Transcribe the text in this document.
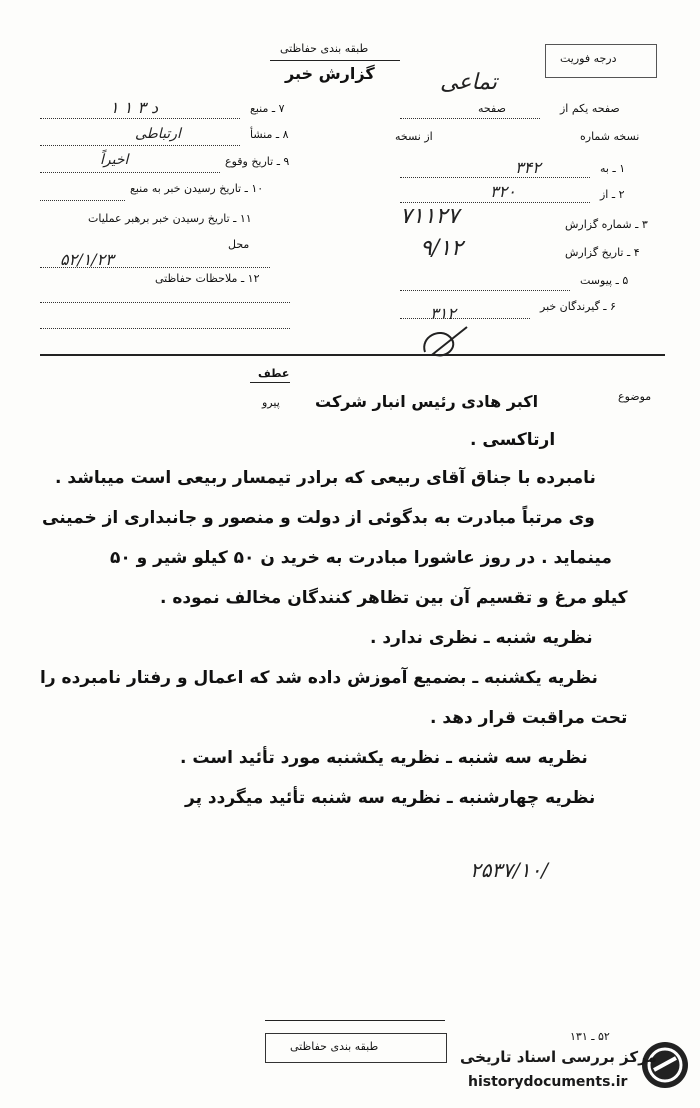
طبقه بندی حفاظتی
گزارش خبر
درجه فوریت
تماعی
۷ ـ منبع
۱ ۱ د ۳
۸ ـ منشأ
ارتباطی
۹ ـ تاریخ وقوع
اخیراً
۱۰ ـ تاریخ رسیدن خبر به منبع
۱۱ ـ تاریخ رسیدن خبر برهبر عملیات
محل
۵۲/۱/۲۳
۱۲ ـ ملاحظات حفاظتی
صفحه یکم از
صفحه
نسخه شماره
از نسخه
۱ ـ به
۳۴۲
۲ ـ از
۳۲۰
۳ ـ شماره گزارش
۷۱۱۲۷
۴ ـ تاریخ گزارش
۹/۱۲
۵ ـ پیوست
۶ ـ گیرندگان خبر
۳۱۲
عطف
پیرو	موضوع
اکبر هادی رئیس انبار شرکت
ارتاکسی .
نامبرده با جناق آقای ربیعی که برادر تیمسار ربیعی است میباشد .
وی مرتباً مبادرت به بدگوئی از دولت و منصور و جانبداری از خمینی
مینماید . در روز عاشورا مبادرت به خرید ن ۵۰ کیلو شیر و ۵۰
کیلو مرغ و تقسیم آن بین تظاهر کنندگان مخالف نموده .
نظریه شنبه ـ نظری ندارد .
نظریه یکشنبه ـ بضمیع آموزش داده شد که اعمال و رفتار نامبرده را
تحت مراقبت قرار دهد .
نظریه سه شنبه ـ نظریه یکشنبه مورد تأئید است .
نظریه چهارشنبه ـ نظریه سه شنبه تأئید میگردد پر
۲۵۳۷/۱۰/
طبقه بندی حفاظتی
۵۲ ـ ۱۳۱
مرکز بررسی اسناد تاریخی
historydocuments.ir
